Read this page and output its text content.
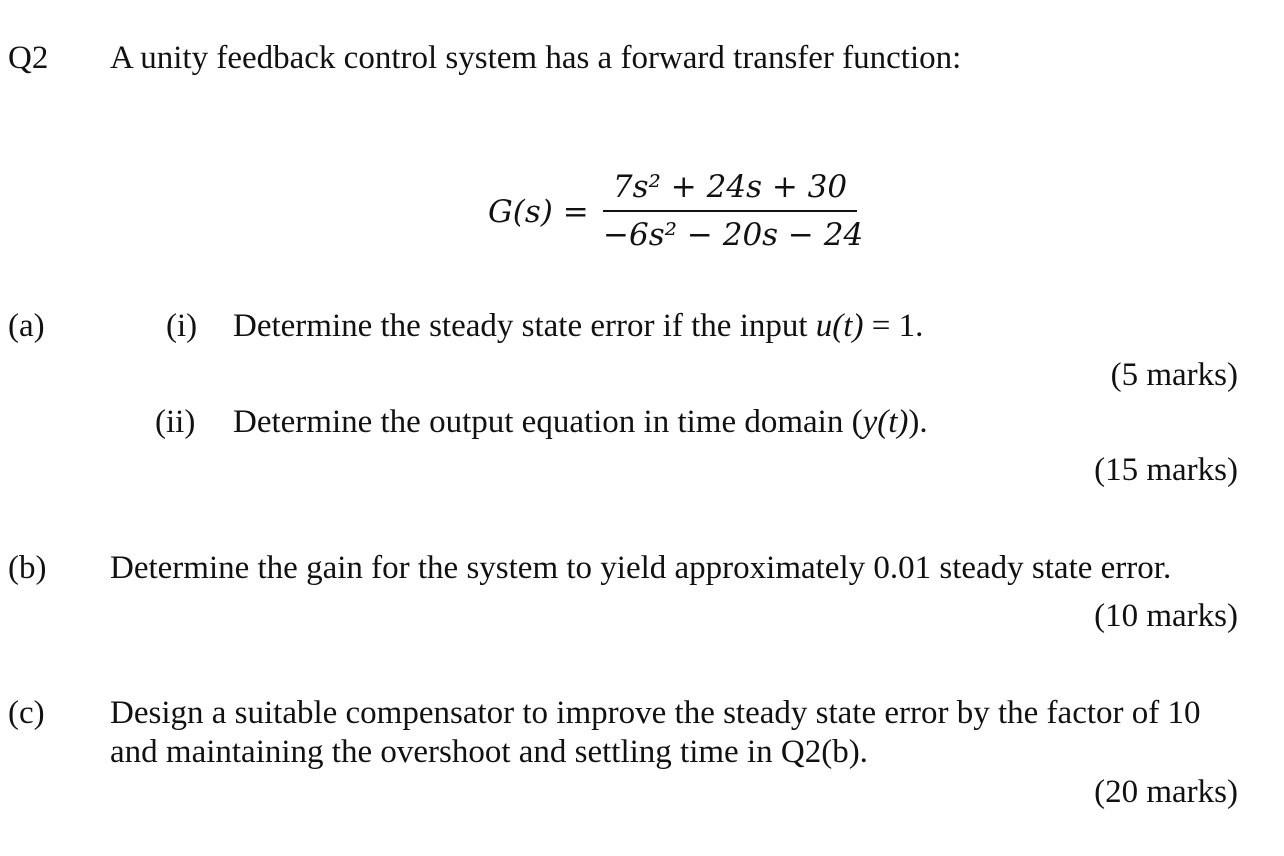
Q2 A unity feedback control system has a forward transfer function:
G(s) =
7s² + 24s + 30
−6s² − 20s − 24
(a)	(i) Determine the steady state error if the input u(t) = 1.
(5 marks)
(ii) Determine the output equation in time domain (y(t)).
(15 marks)
(b) Determine the gain for the system to yield approximately 0.01 steady state error.
(10 marks)
(c) Design a suitable compensator to improve the steady state error by the factor of 10
and maintaining the overshoot and settling time in Q2(b).
(20 marks)
